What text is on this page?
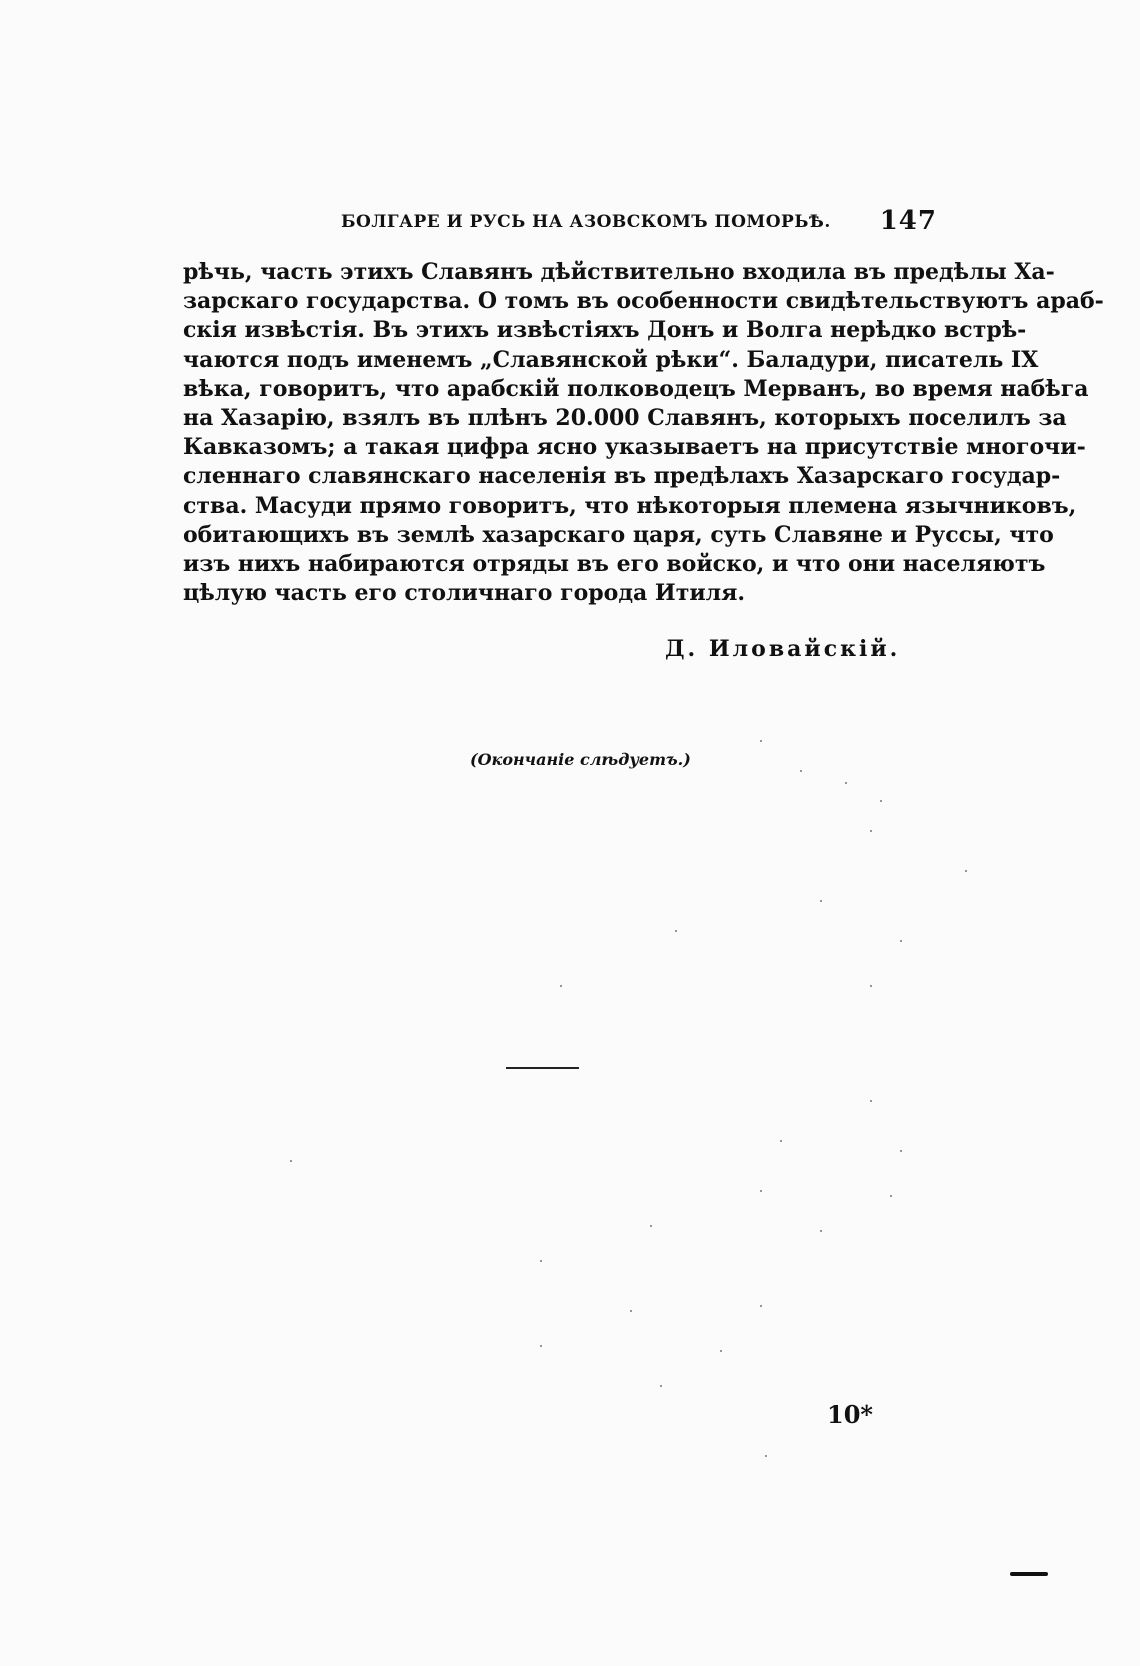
БОЛГАРЕ И РУСЬ НА АЗОВСКОМЪ ПОМОРЬѢ. 147
рѣчь, часть этихъ Славянъ дѣйствительно входила въ предѣлы Ха-
зарскаго государства. О томъ въ особенности свидѣтельствуютъ араб-
скія извѣстія. Въ этихъ извѣстіяхъ Донъ и Волга нерѣдко встрѣ-
чаются подъ именемъ „Славянской рѣки“. Баладури, писатель IX
вѣка, говоритъ, что арабскій полководецъ Мерванъ, во время набѣга
на Хазарію, взялъ въ плѣнъ 20.000 Славянъ, которыхъ поселилъ за
Кавказомъ; а такая цифра ясно указываетъ на присутствіе многочи-
сленнаго славянскаго населенія въ предѣлахъ Хазарскаго государ-
ства. Масуди прямо говоритъ, что нѣкоторыя племена язычниковъ,
обитающихъ въ землѣ хазарскаго царя, суть Славяне и Руссы, что
изъ нихъ набираются отряды въ его войско, и что они населяютъ
цѣлую часть его столичнаго города Итиля.
Д. Иловайскій.
(Окончаніе слѣдуетъ.)
10*
